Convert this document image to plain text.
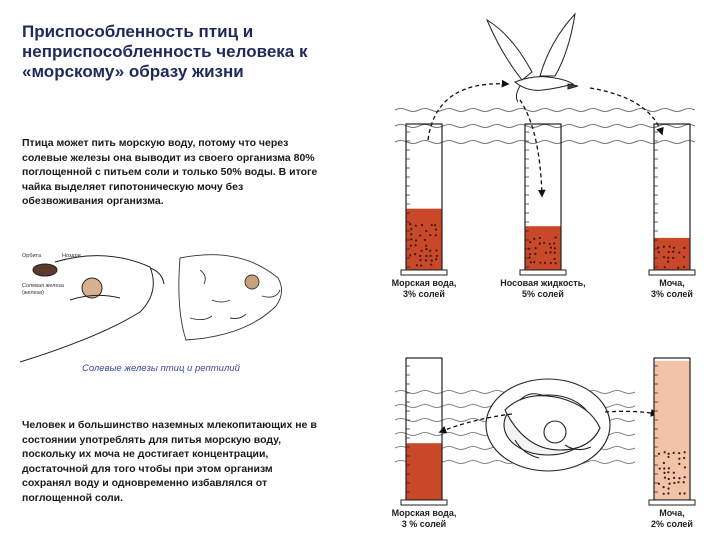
Приспособленность птиц и неприспособленность человека к «морскому» образу жизни
Птица может пить морскую воду, потому что через солевые железы она выводит из своего организма 80% поглощенной с питьем соли и только 50% воды. В итоге чайка выделяет гипотоническую мочу без обезвоживания организма.
Солевые железы птиц и рептилий
Человек и большинство наземных млекопитающих не в состоянии употреблять для питья морскую воду, поскольку их моча не достигает концентрации, достаточной для того чтобы при этом организм сохранял воду и одновременно избавлялся от поглощенной соли.
Морская вода,
3% солей
Носовая жидкость,
5% солей
Моча,
3% солей
Морская вода,
3 % солей
Моча,
2% солей
Орбита	Ноздри
Солевая железа
(железа)
